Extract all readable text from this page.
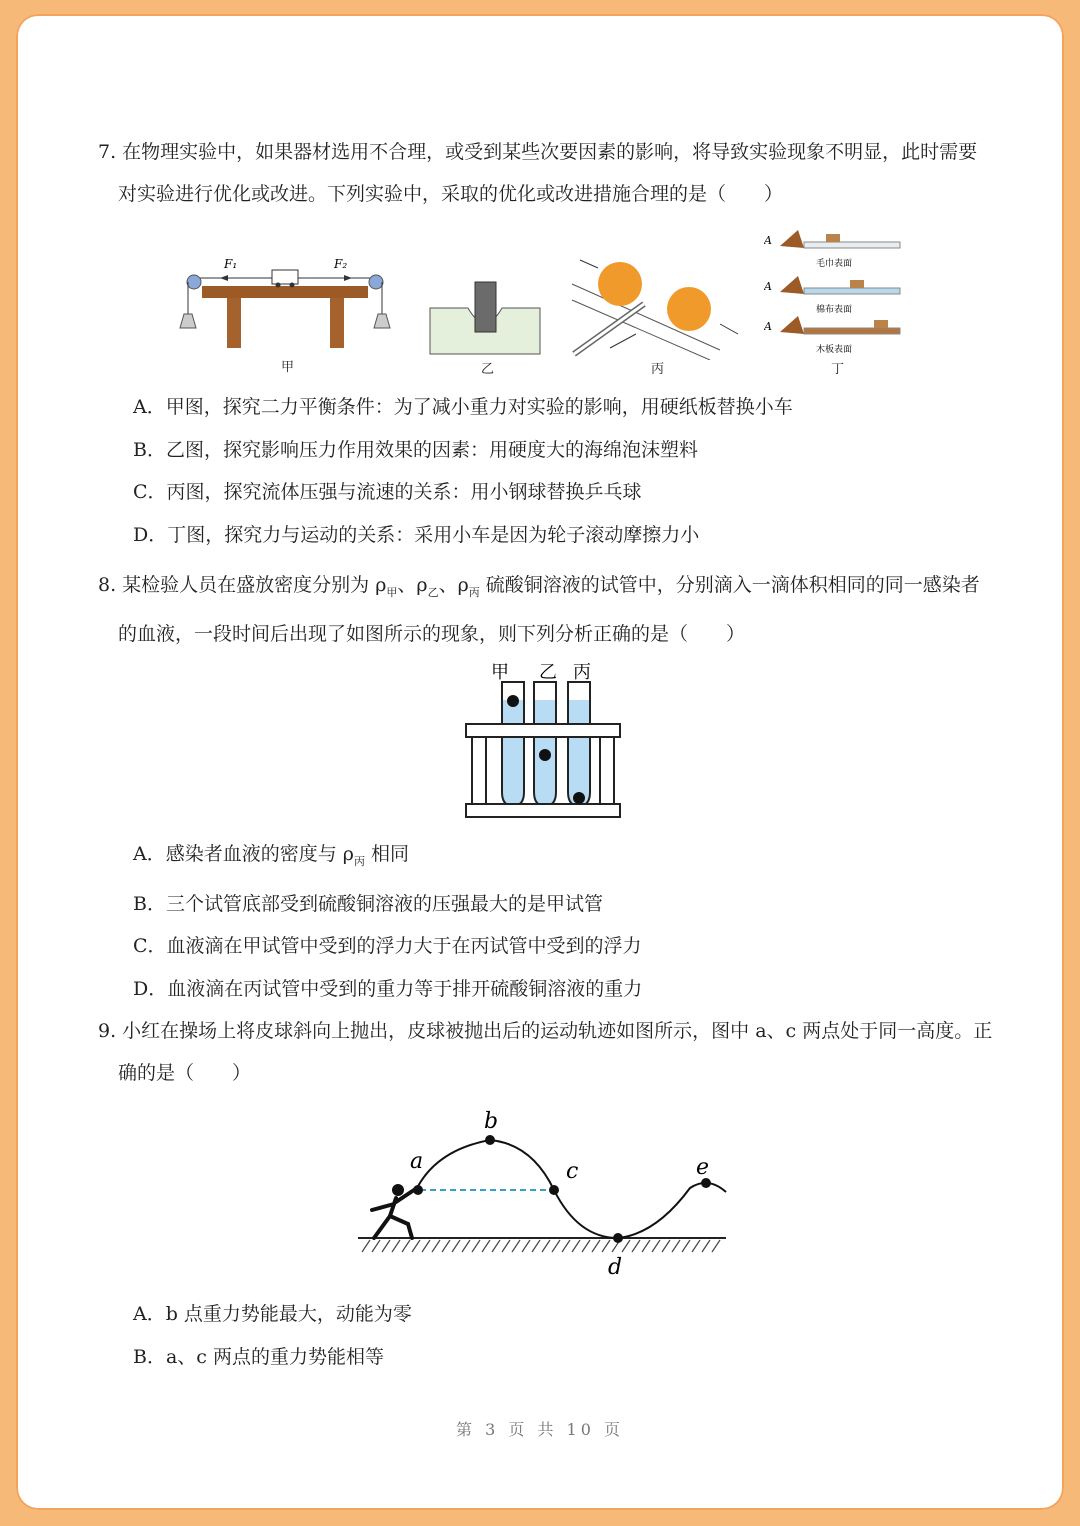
7. 在物理实验中，如果器材选用不合理，或受到某些次要因素的影响，将导致实验现象不明显，此时需要
对实验进行优化或改进。下列实验中，采取的优化或改进措施合理的是（　　）
F₁	F₂
甲	乙	丙
A
毛巾表面
A
棉布表面
A
木板表面
丁
A．甲图，探究二力平衡条件：为了减小重力对实验的影响，用硬纸板替换小车
B．乙图，探究影响压力作用效果的因素：用硬度大的海绵泡沫塑料
C．丙图，探究流体压强与流速的关系：用小钢球替换乒乓球
D．丁图，探究力与运动的关系：采用小车是因为轮子滚动摩擦力小
8. 某检验人员在盛放密度分别为 $\rho_甲$、$\rho_乙$、$\rho_丙$ 硫酸铜溶液的试管中，分别滴入一滴体积相同的同一感染者
的血液，一段时间后出现了如图所示的现象，则下列分析正确的是（　　）
甲 乙 丙
A．感染者血液的密度与 $\rho_丙$ 相同
B．三个试管底部受到硫酸铜溶液的压强最大的是甲试管
C．血液滴在甲试管中受到的浮力大于在丙试管中受到的浮力
D．血液滴在丙试管中受到的重力等于排开硫酸铜溶液的重力
9. 小红在操场上将皮球斜向上抛出，皮球被抛出后的运动轨迹如图所示，图中 a、c 两点处于同一高度。正
确的是（　　）
a
b
c
d
e
A．b 点重力势能最大，动能为零
B．a、c 两点的重力势能相等
第 3 页 共 10 页
